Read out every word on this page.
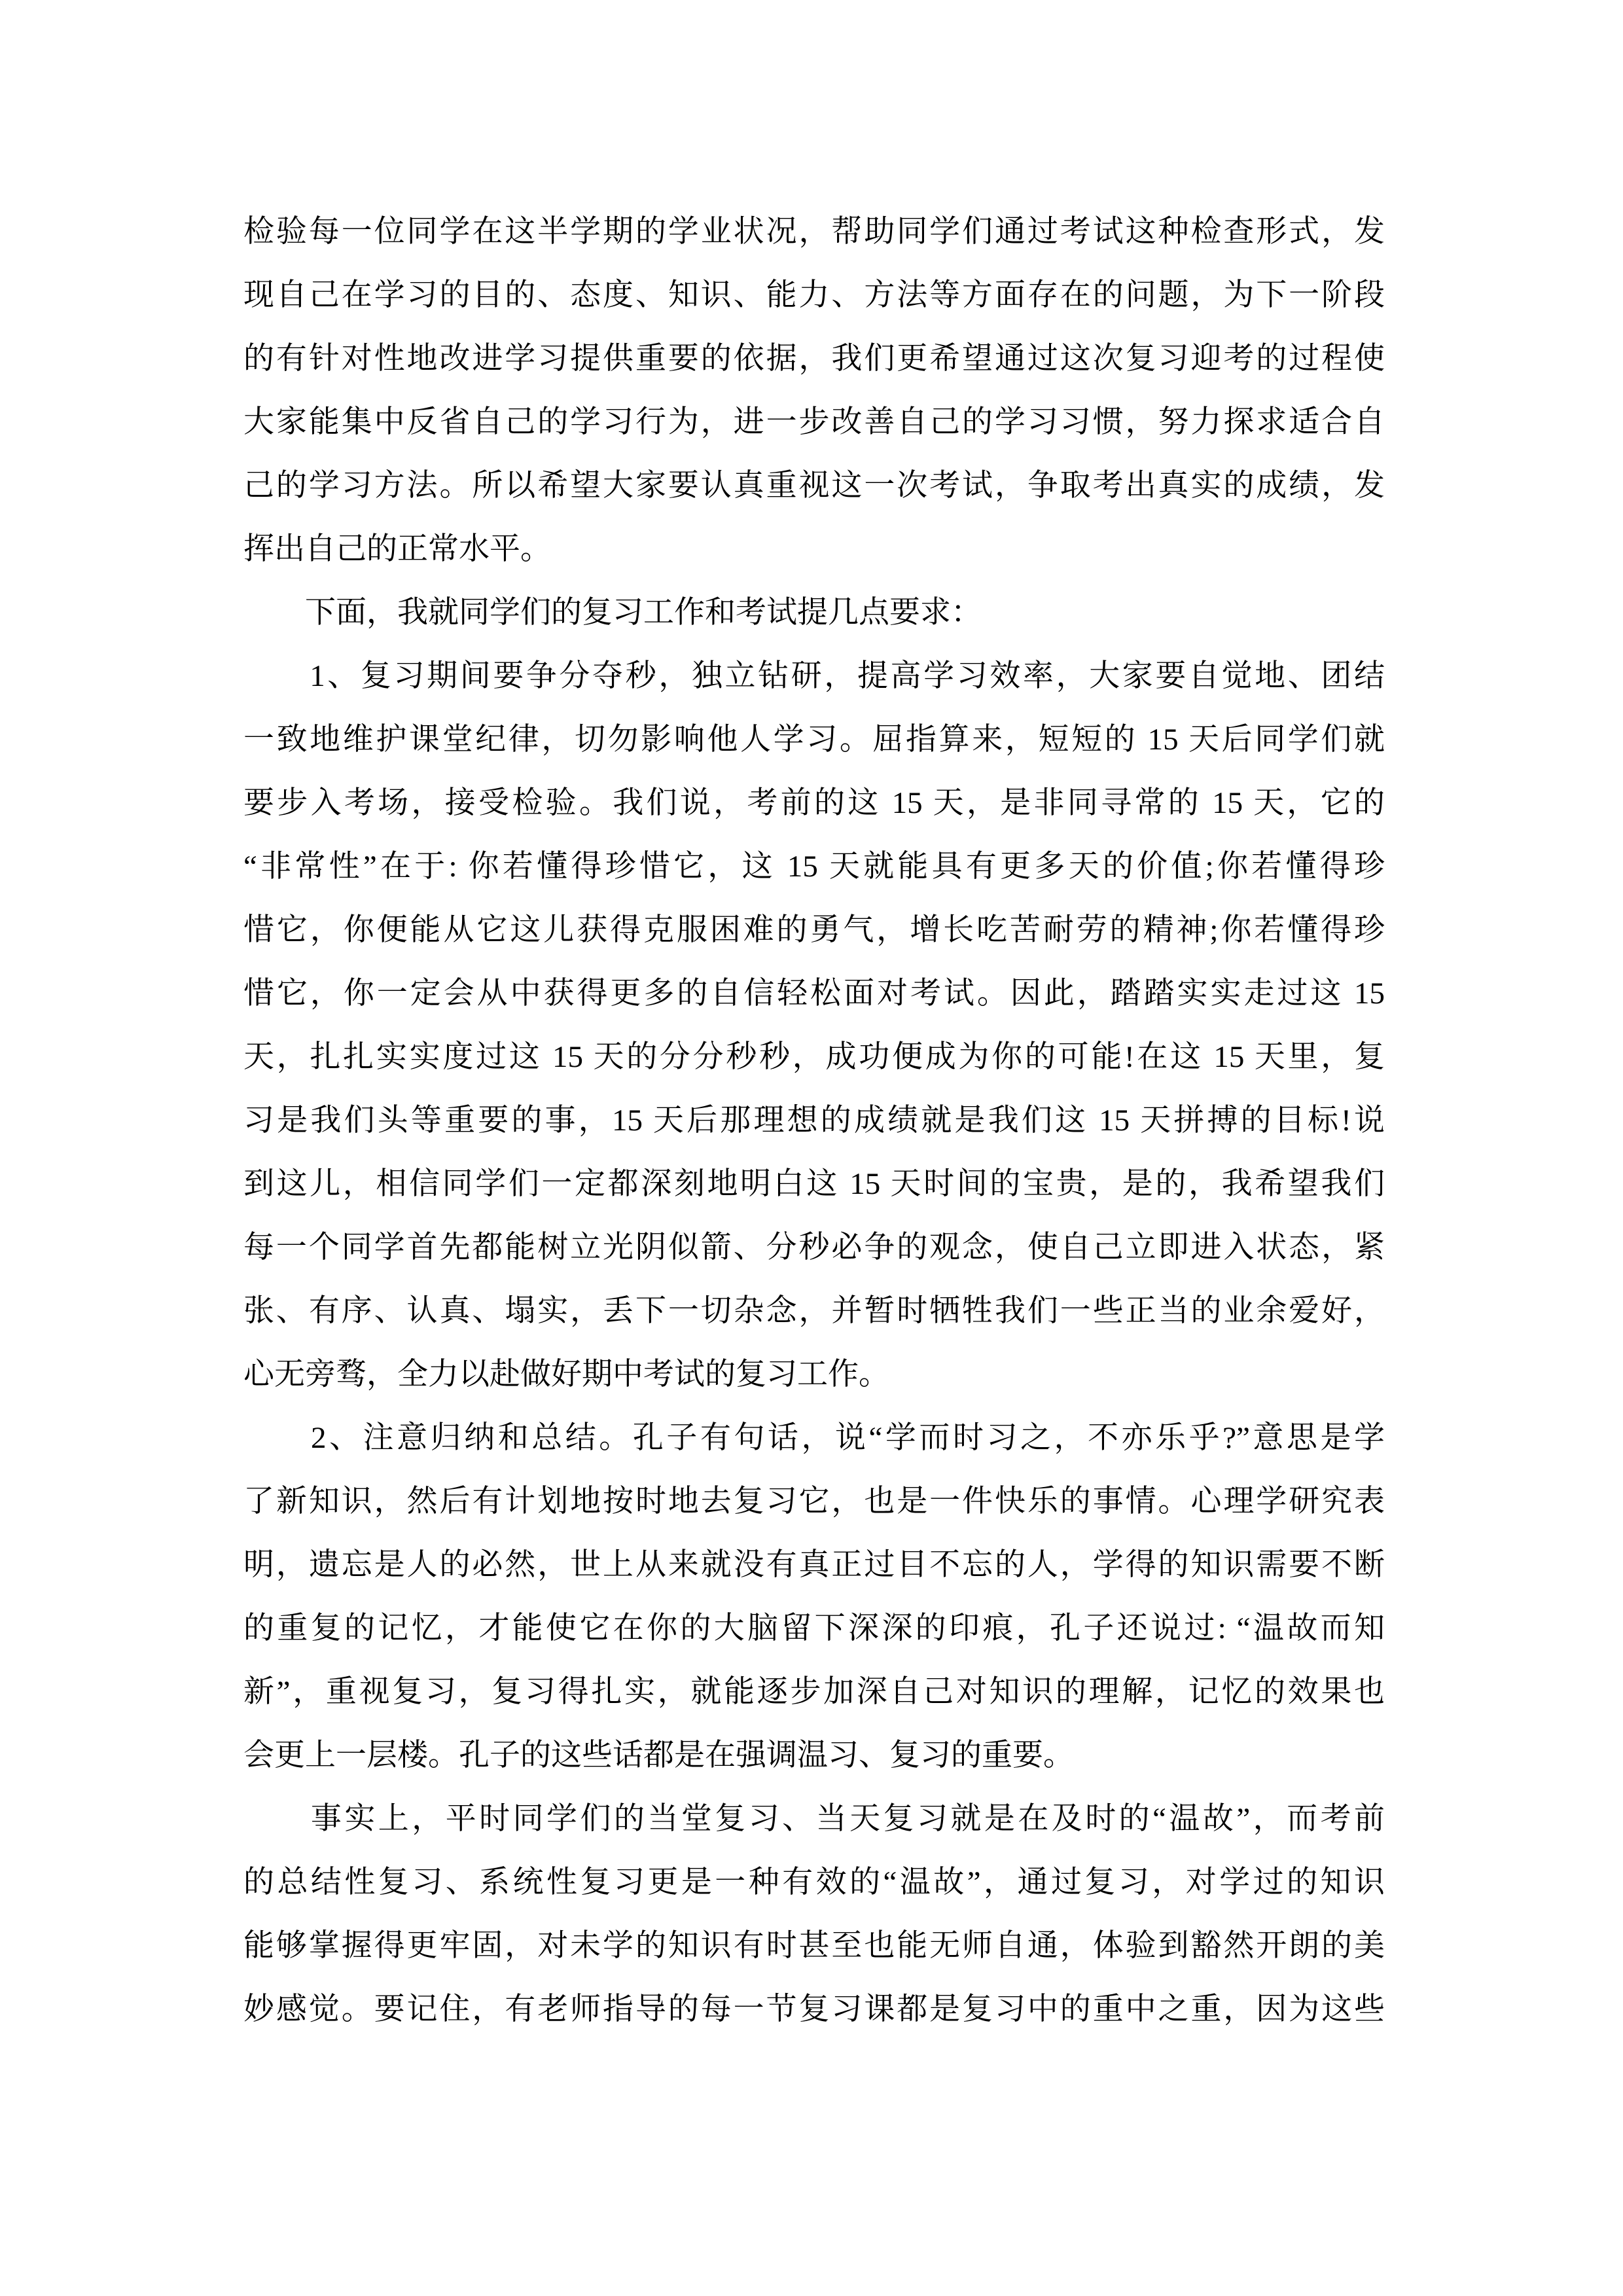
检验每一位同学在这半学期的学业状况，帮助同学们通过考试这种检查形式，发
现自己在学习的目的、态度、知识、能力、方法等方面存在的问题，为下一阶段
的有针对性地改进学习提供重要的依据，我们更希望通过这次复习迎考的过程使
大家能集中反省自己的学习行为，进一步改善自己的学习习惯，努力探求适合自
己的学习方法。所以希望大家要认真重视这一次考试，争取考出真实的成绩，发
挥出自己的正常水平。
　　下面，我就同学们的复习工作和考试提几点要求：
　　1、复习期间要争分夺秒，独立钻研，提高学习效率，大家要自觉地、团结
一致地维护课堂纪律，切勿影响他人学习。屈指算来，短短的 15 天后同学们就
要步入考场，接受检验。我们说，考前的这 15 天，是非同寻常的 15 天，它的
“非常性”在于: 你若懂得珍惜它，这 15 天就能具有更多天的价值;你若懂得珍
惜它，你便能从它这儿获得克服困难的勇气，增长吃苦耐劳的精神;你若懂得珍
惜它，你一定会从中获得更多的自信轻松面对考试。因此，踏踏实实走过这 15
天，扎扎实实度过这 15 天的分分秒秒，成功便成为你的可能!在这 15 天里，复
习是我们头等重要的事，15 天后那理想的成绩就是我们这 15 天拼搏的目标!说
到这儿，相信同学们一定都深刻地明白这 15 天时间的宝贵，是的，我希望我们
每一个同学首先都能树立光阴似箭、分秒必争的观念，使自己立即进入状态，紧
张、有序、认真、塌实，丢下一切杂念，并暂时牺牲我们一些正当的业余爱好，
心无旁骛，全力以赴做好期中考试的复习工作。
　　2、注意归纳和总结。孔子有句话，说“学而时习之，不亦乐乎?”意思是学
了新知识，然后有计划地按时地去复习它，也是一件快乐的事情。心理学研究表
明，遗忘是人的必然，世上从来就没有真正过目不忘的人，学得的知识需要不断
的重复的记忆，才能使它在你的大脑留下深深的印痕，孔子还说过: “温故而知
新”，重视复习，复习得扎实，就能逐步加深自己对知识的理解，记忆的效果也
会更上一层楼。孔子的这些话都是在强调温习、复习的重要。
　　事实上，平时同学们的当堂复习、当天复习就是在及时的“温故”，而考前
的总结性复习、系统性复习更是一种有效的“温故”，通过复习，对学过的知识
能够掌握得更牢固，对未学的知识有时甚至也能无师自通，体验到豁然开朗的美
妙感觉。要记住，有老师指导的每一节复习课都是复习中的重中之重，因为这些
